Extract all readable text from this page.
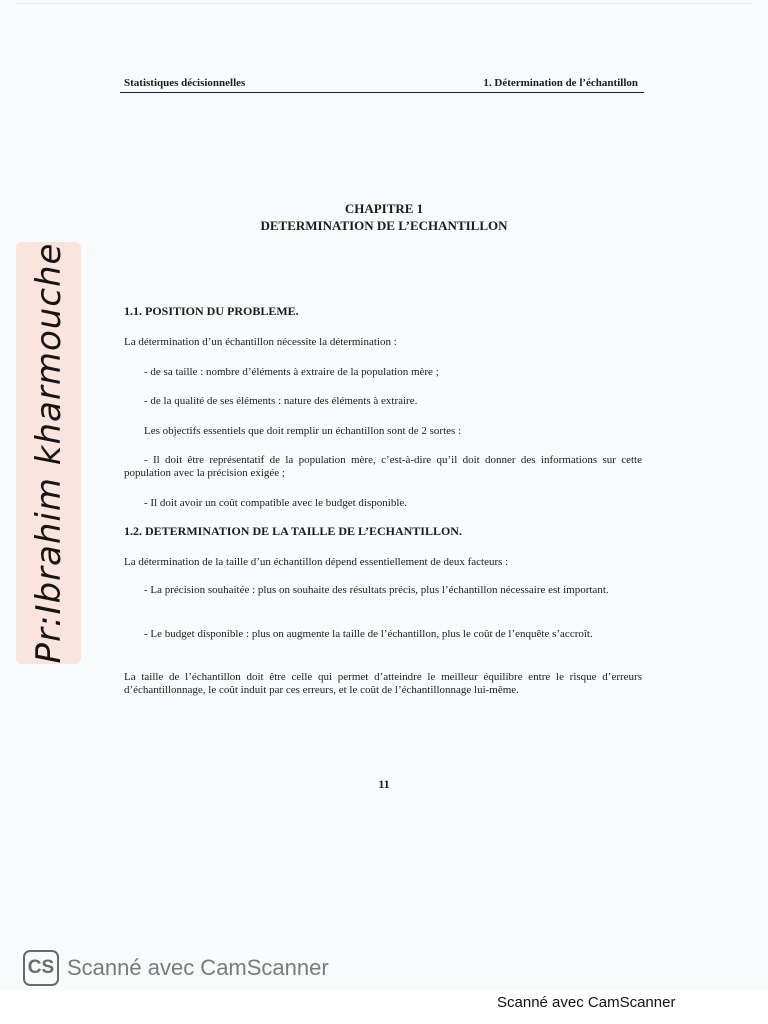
Statistiques décisionnelles	1. Détermination de l’échantillon
CHAPITRE 1
DETERMINATION DE L’ECHANTILLON
1.1. POSITION DU PROBLEME.
La détermination d’un échantillon nécessite la détermination :
- de sa taille : nombre d’éléments à extraire de la population mère ;
- de la qualité de ses éléments : nature des éléments à extraire.
Les objectifs essentiels que doit remplir un échantillon sont de 2 sortes :
- Il doit être représentatif de la population mère, c’est-à-dire qu’il doit donner des informations sur cette population avec la précision exigée ;
- Il doit avoir un coût compatible avec le budget disponible.
1.2. DETERMINATION DE LA TAILLE DE L’ECHANTILLON.
La détermination de la taille d’un échantillon dépend essentiellement de deux facteurs :
- La précision souhaitée : plus on souhaite des résultats précis, plus l’échantillon nécessaire est important.
- Le budget disponible : plus on augmente la taille de l’échantillon, plus le coût de l’enquête s’accroît.
La taille de l’échantillon doit être celle qui permet d’atteindre le meilleur équilibre entre le risque d’erreurs d’échantillonnage, le coût induit par ces erreurs, et le coût de l’échantillonnage lui-même.
11
Pr:Ibrahim kharmouche
CS Scanné avec CamScanner
Scanné avec CamScanner
